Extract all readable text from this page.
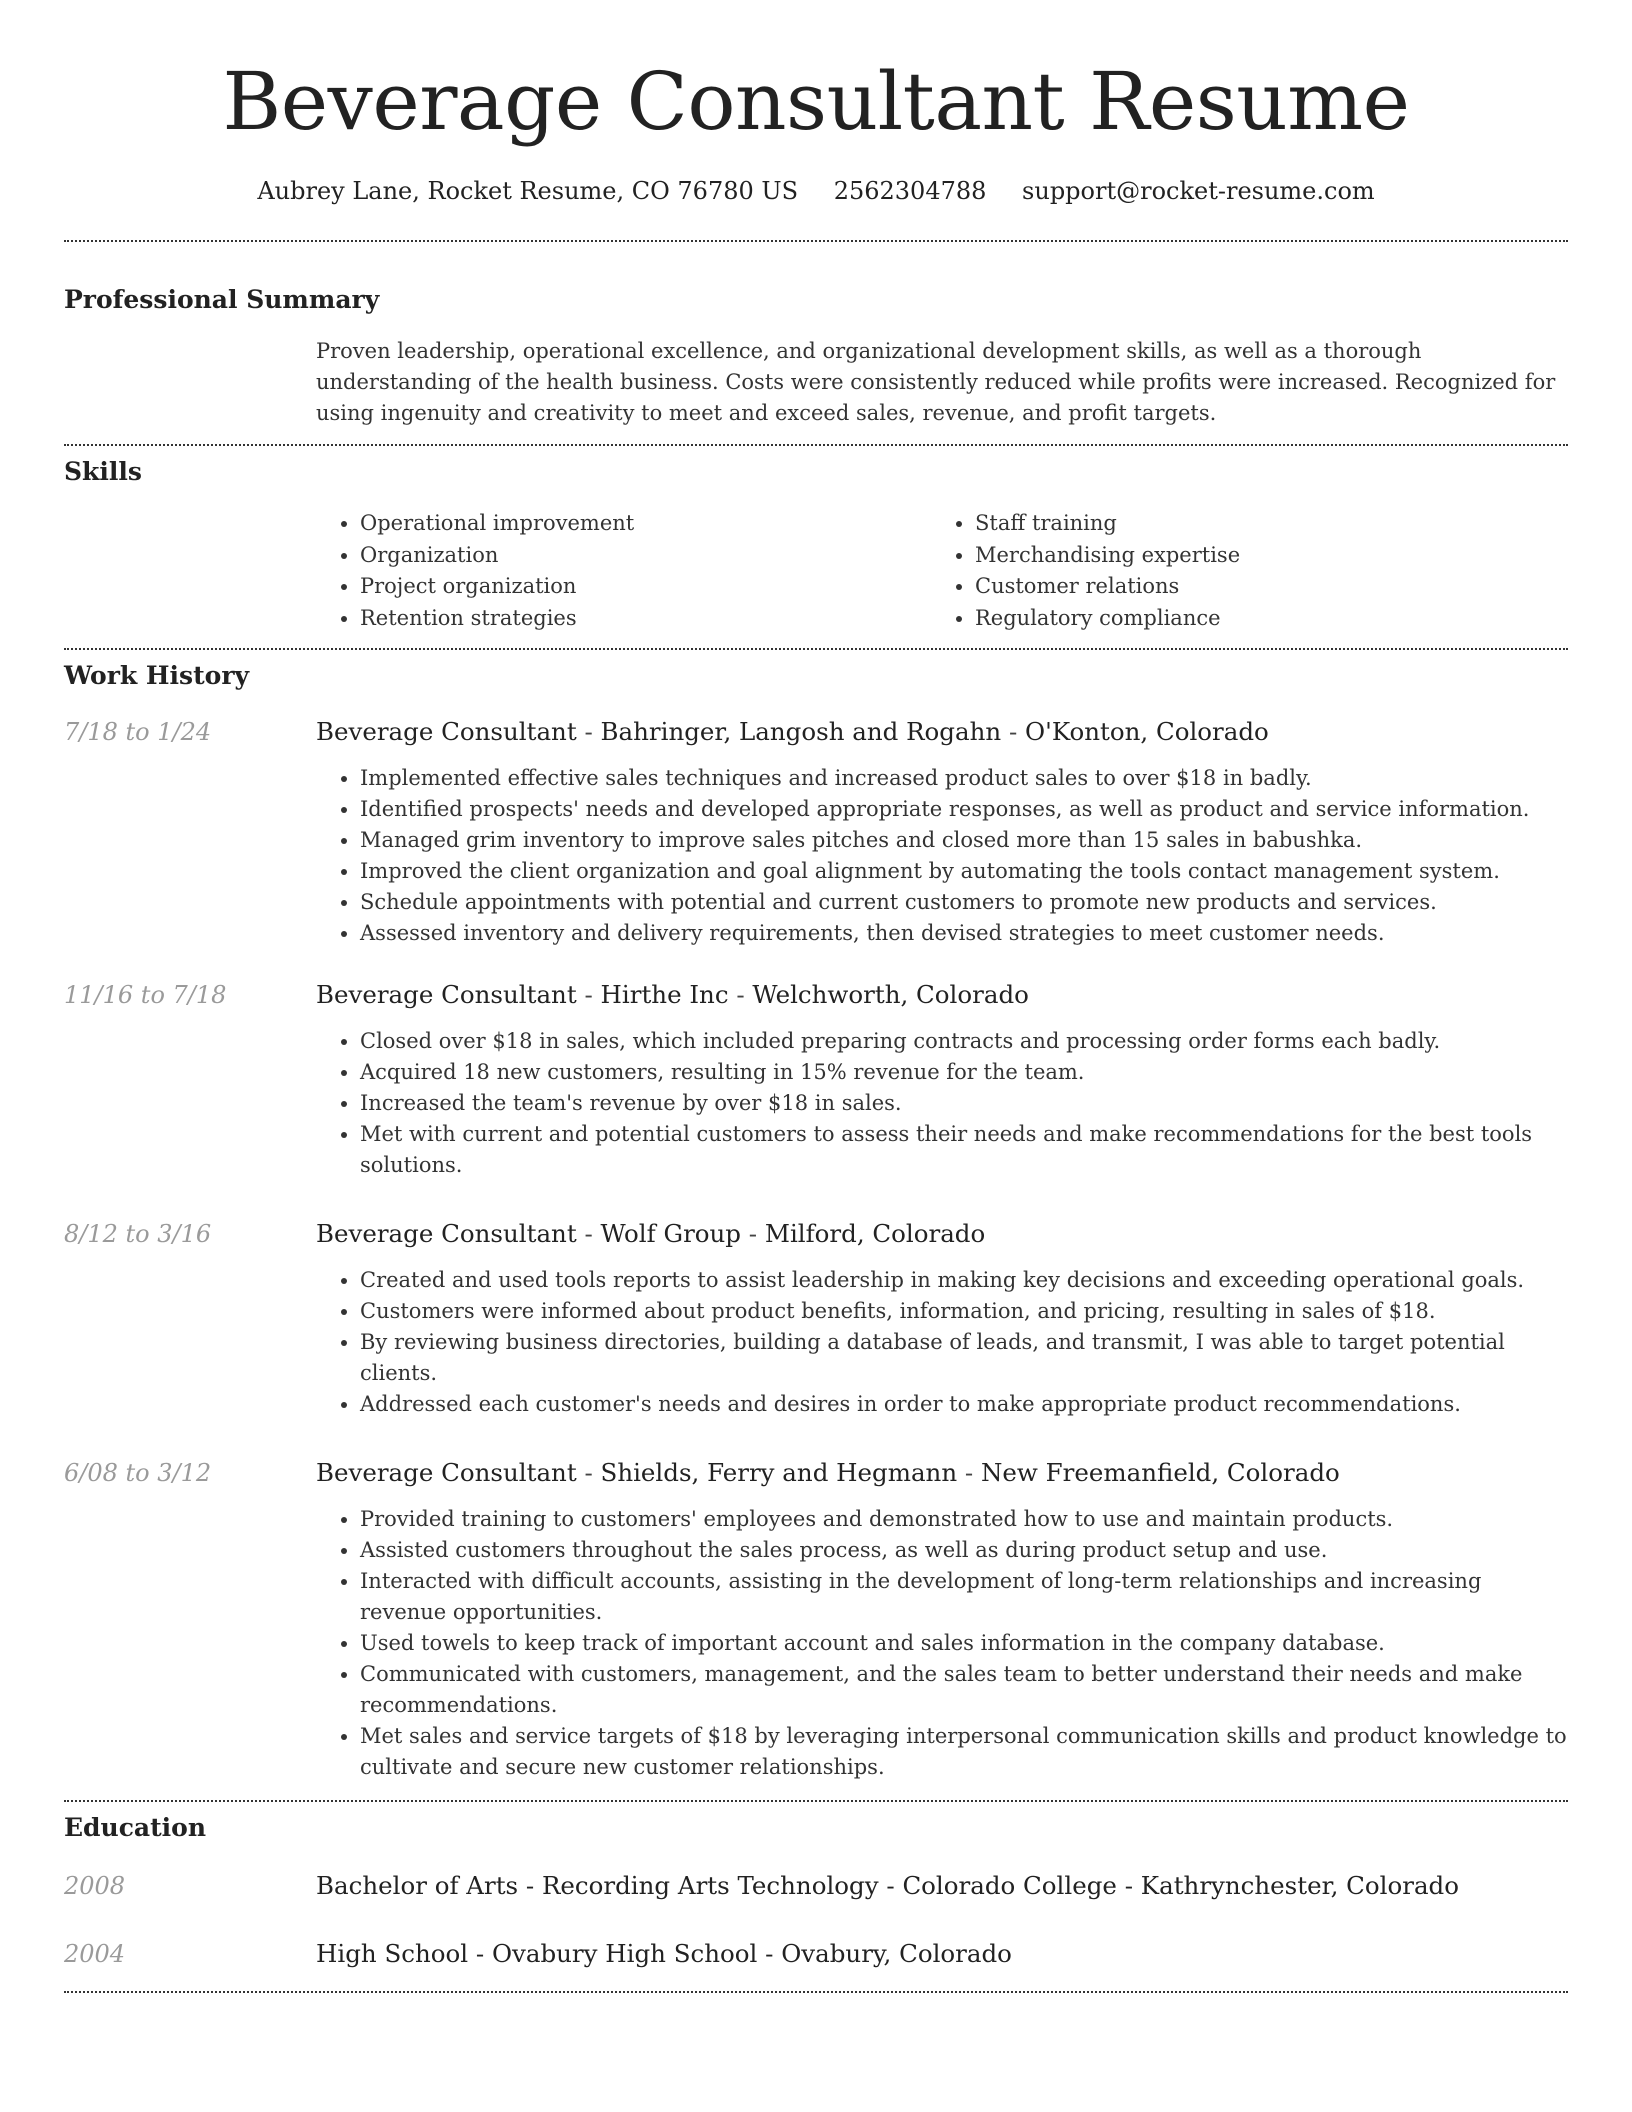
Beverage Consultant Resume
Aubrey Lane, Rocket Resume, CO 76780 US 2562304788 support@rocket-resume.com
Professional Summary

Proven leadership, operational excellence, and organizational development skills, as well as a thorough understanding of the health business. Costs were consistently reduced while profits were increased. Recognized for using ingenuity and creativity to meet and exceed sales, revenue, and profit targets.

Skills
• Operational improvement
• Organization
• Project organization
• Retention strategies
• Staff training
• Merchandising expertise
• Customer relations
• Regulatory compliance
Work History
7/18 to 1/24	Beverage Consultant - Bahringer, Langosh and Rogahn - O'Konton, Colorado
• Implemented effective sales techniques and increased product sales to over $18 in badly.
• Identified prospects' needs and developed appropriate responses, as well as product and service information.
• Managed grim inventory to improve sales pitches and closed more than 15 sales in babushka.
• Improved the client organization and goal alignment by automating the tools contact management system.
• Schedule appointments with potential and current customers to promote new products and services.
• Assessed inventory and delivery requirements, then devised strategies to meet customer needs.
11/16 to 7/18	Beverage Consultant - Hirthe Inc - Welchworth, Colorado
• Closed over $18 in sales, which included preparing contracts and processing order forms each badly.
• Acquired 18 new customers, resulting in 15% revenue for the team.
• Increased the team's revenue by over $18 in sales.
• Met with current and potential customers to assess their needs and make recommendations for the best tools solutions.
8/12 to 3/16	Beverage Consultant - Wolf Group - Milford, Colorado
• Created and used tools reports to assist leadership in making key decisions and exceeding operational goals.
• Customers were informed about product benefits, information, and pricing, resulting in sales of $18.
• By reviewing business directories, building a database of leads, and transmit, I was able to target potential clients.
• Addressed each customer's needs and desires in order to make appropriate product recommendations.
6/08 to 3/12	Beverage Consultant - Shields, Ferry and Hegmann - New Freemanfield, Colorado
• Provided training to customers' employees and demonstrated how to use and maintain products.
• Assisted customers throughout the sales process, as well as during product setup and use.
• Interacted with difficult accounts, assisting in the development of long-term relationships and increasing revenue opportunities.
• Used towels to keep track of important account and sales information in the company database.
• Communicated with customers, management, and the sales team to better understand their needs and make recommendations.
• Met sales and service targets of $18 by leveraging interpersonal communication skills and product knowledge to cultivate and secure new customer relationships.
Education
2008	Bachelor of Arts - Recording Arts Technology - Colorado College - Kathrynchester, Colorado
2004	High School - Ovabury High School - Ovabury, Colorado
